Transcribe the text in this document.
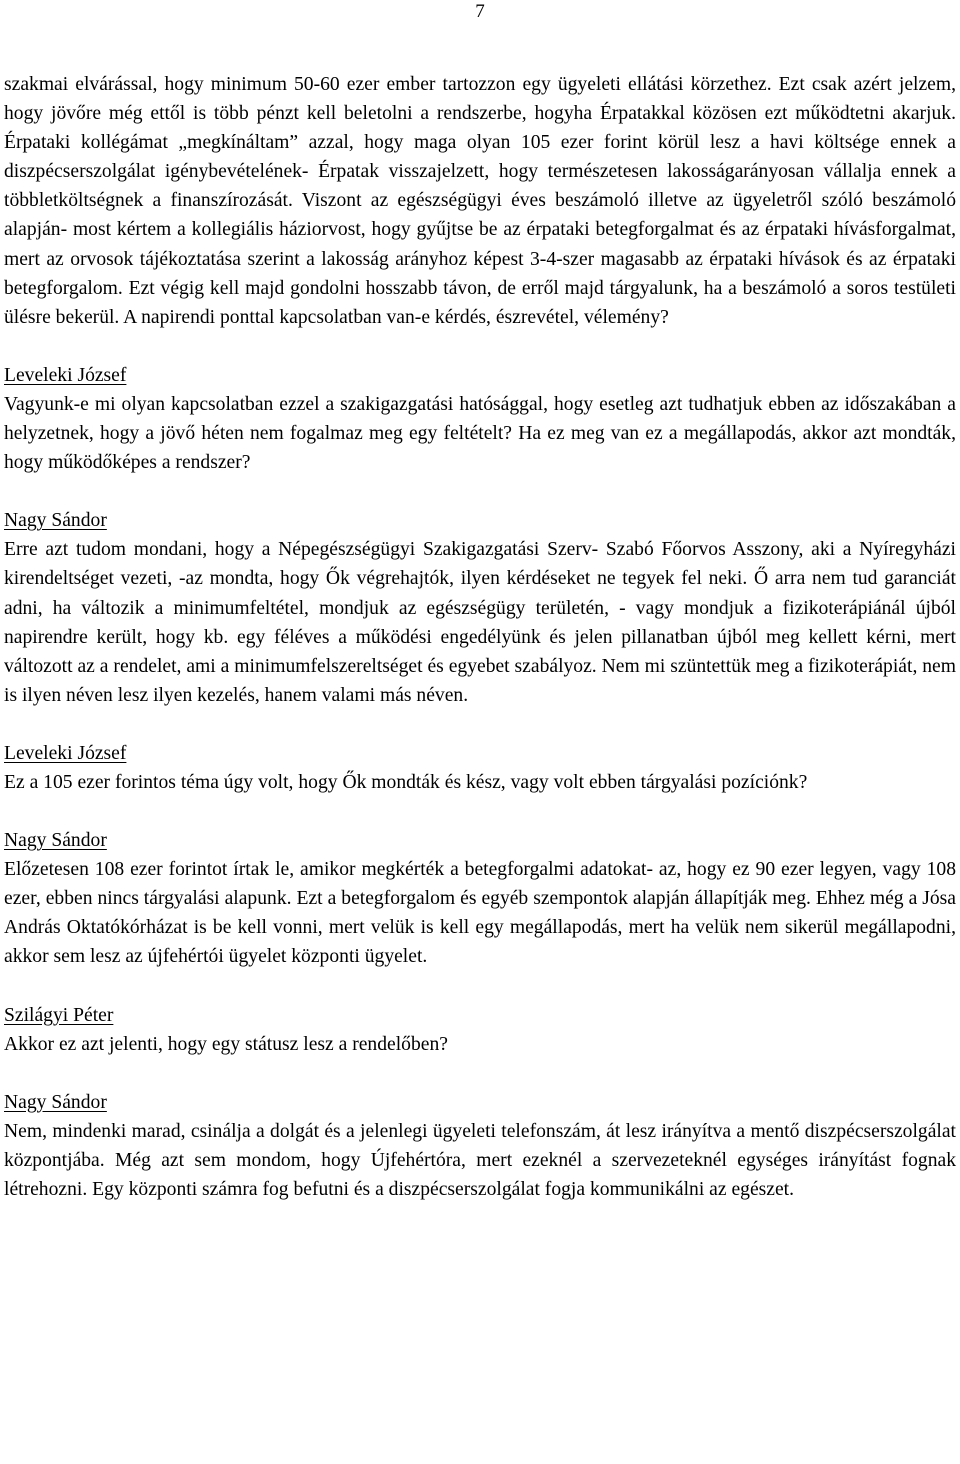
7

szakmai elvárással, hogy minimum 50-60 ezer ember tartozzon egy ügyeleti ellátási körzethez. Ezt csak azért jelzem, hogy jövőre még ettől is több pénzt kell beletolni a rendszerbe, hogyha Érpatakkal közösen ezt működtetni akarjuk. Érpataki kollégámat „megkínáltam” azzal, hogy maga olyan 105 ezer forint körül lesz a havi költsége ennek a diszpécserszolgálat igénybevételének- Érpatak visszajelzett, hogy természetesen lakosságarányosan vállalja ennek a többletköltségnek a finanszírozását. Viszont az egészségügyi éves beszámoló illetve az ügyeletről szóló beszámoló alapján- most kértem a kollegiális háziorvost, hogy gyűjtse be az érpataki betegforgalmat és az érpataki hívásforgalmat, mert az orvosok tájékoztatása szerint a lakosság arányhoz képest 3-4-szer magasabb az érpataki hívások és az érpataki betegforgalom. Ezt végig kell majd gondolni hosszabb távon, de erről majd tárgyalunk, ha a beszámoló a soros testületi ülésre bekerül. A napirendi ponttal kapcsolatban van-e kérdés, észrevétel, vélemény?

Leveleki József

Vagyunk-e mi olyan kapcsolatban ezzel a szakigazgatási hatósággal, hogy esetleg azt tudhatjuk ebben az időszakában a helyzetnek, hogy a jövő héten nem fogalmaz meg egy feltételt? Ha ez meg van ez a megállapodás, akkor azt mondták, hogy működőképes a rendszer?

Nagy Sándor

Erre azt tudom mondani, hogy a Népegészségügyi Szakigazgatási Szerv- Szabó Főorvos Asszony, aki a Nyíregyházi kirendeltséget vezeti, -az mondta, hogy Ők végrehajtók, ilyen kérdéseket ne tegyek fel neki. Ő arra nem tud garanciát adni, ha változik a minimumfeltétel, mondjuk az egészségügy területén, - vagy mondjuk a fizikoterápiánál újból napirendre került, hogy kb. egy féléves a működési engedélyünk és jelen pillanatban újból meg kellett kérni, mert változott az a rendelet, ami a minimumfelszereltséget és egyebet szabályoz. Nem mi szüntettük meg a fizikoterápiát, nem is ilyen néven lesz ilyen kezelés, hanem valami más néven.

Leveleki József

Ez a 105 ezer forintos téma úgy volt, hogy Ők mondták és kész, vagy volt ebben tárgyalási pozíciónk?

Nagy Sándor

Előzetesen 108 ezer forintot írtak le, amikor megkérték a betegforgalmi adatokat- az, hogy ez 90 ezer legyen, vagy 108 ezer, ebben nincs tárgyalási alapunk. Ezt a betegforgalom és egyéb szempontok alapján állapítják meg. Ehhez még a Jósa András Oktatókórházat is be kell vonni, mert velük is kell egy megállapodás, mert ha velük nem sikerül megállapodni, akkor sem lesz az újfehértói ügyelet központi ügyelet.

Szilágyi Péter

Akkor ez azt jelenti, hogy egy státusz lesz a rendelőben?

Nagy Sándor

Nem, mindenki marad, csinálja a dolgát és a jelenlegi ügyeleti telefonszám, át lesz irányítva a mentő diszpécserszolgálat központjába. Még azt sem mondom, hogy Újfehértóra, mert ezeknél a szervezeteknél egységes irányítást fognak létrehozni. Egy központi számra fog befutni és a diszpécserszolgálat fogja kommunikálni az egészet.
